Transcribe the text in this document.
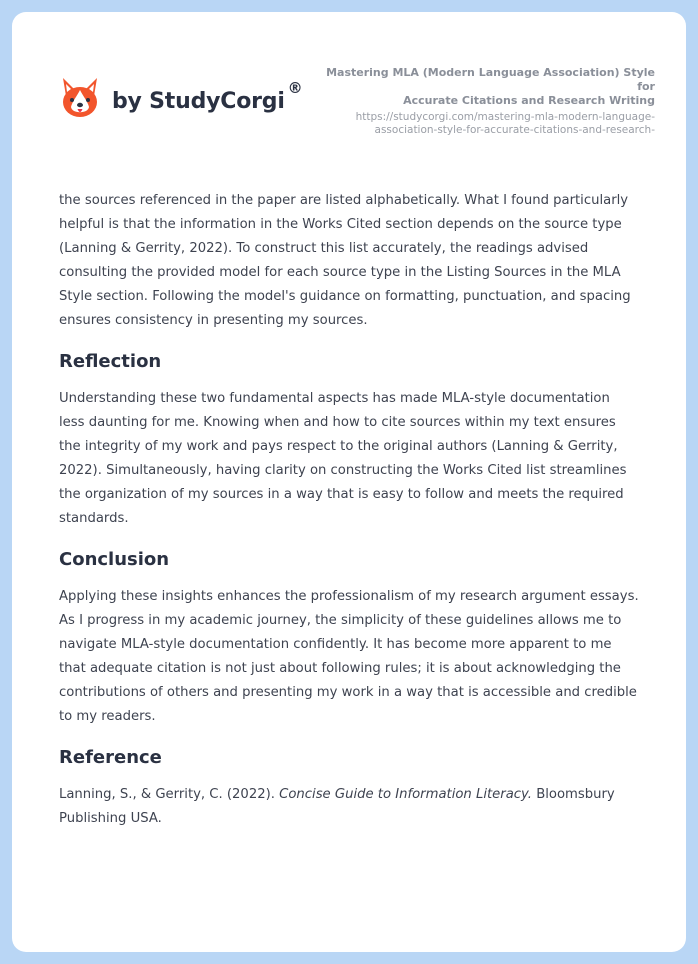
by StudyCorgi
®
Mastering MLA (Modern Language Association) Style for
Accurate Citations and Research Writing
https://studycorgi.com/mastering-mla-modern-language-
association-style-for-accurate-citations-and-research-

the sources referenced in the paper are listed alphabetically. What I found particularly helpful is that the information in the Works Cited section depends on the source type (Lanning & Gerrity, 2022). To construct this list accurately, the readings advised consulting the provided model for each source type in the Listing Sources in the MLA Style section. Following the model's guidance on formatting, punctuation, and spacing ensures consistency in presenting my sources.

Reflection

Understanding these two fundamental aspects has made MLA-style documentation less daunting for me. Knowing when and how to cite sources within my text ensures the integrity of my work and pays respect to the original authors (Lanning & Gerrity, 2022). Simultaneously, having clarity on constructing the Works Cited list streamlines the organization of my sources in a way that is easy to follow and meets the required standards.

Conclusion

Applying these insights enhances the professionalism of my research argument essays. As I progress in my academic journey, the simplicity of these guidelines allows me to navigate MLA-style documentation confidently. It has become more apparent to me that adequate citation is not just about following rules; it is about acknowledging the contributions of others and presenting my work in a way that is accessible and credible to my readers.

Reference

Lanning, S., & Gerrity, C. (2022). Concise Guide to Information Literacy. Bloomsbury Publishing USA.
